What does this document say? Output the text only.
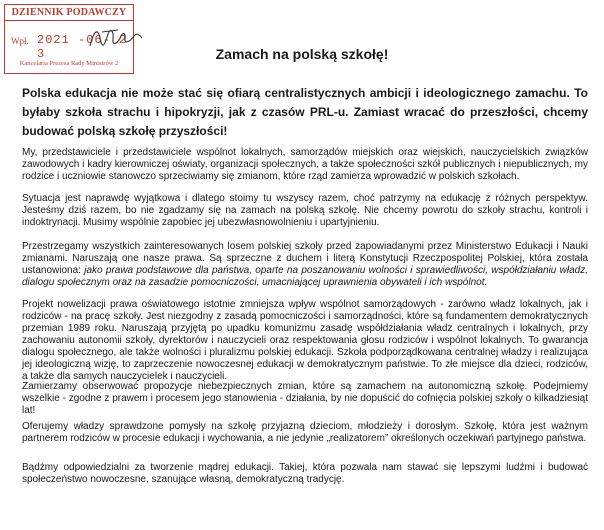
DZIENNIK PODAWCZY
Wpł. 2021 -06- 2 3
Kancelaria Prezesa Rady Ministrów 2
Zamach na polską szkołę!
Polska edukacja nie może stać się ofiarą centralistycznych ambicji i ideologicznego zamachu. To byłaby szkoła strachu i hipokryzji, jak z czasów PRL-u. Zamiast wracać do przeszłości, chcemy budować polską szkołę przyszłości!

My, przedstawiciele i przedstawiciele wspólnot lokalnych, samorządów miejskich oraz wiejskich, nauczycielskich związków zawodowych i kadry kierowniczej oświaty, organizacji społecznych, a także społeczności szkół publicznych i niepublicznych, my rodzice i uczniowie stanowczo sprzeciwiamy się zmianom, które rząd zamierza wprowadzić w polskich szkołach.

Sytuacja jest naprawdę wyjątkowa i dlatego stoimy tu wszyscy razem, choć patrzymy na edukację z różnych perspektyw. Jesteśmy dziś razem, bo nie zgadzamy się na zamach na polską szkołę. Nie chcemy powrotu do szkoły strachu, kontroli i indoktrynacji. Musimy wspólnie zapobiec jej ubezwłasnowolnieniu i upartyjnieniu.

Przestrzegamy wszystkich zainteresowanych losem polskiej szkoły przed zapowiadanymi przez Ministerstwo Edukacji i Nauki zmianami. Naruszają one nasze prawa. Są sprzeczne z duchem i literą Konstytucji Rzeczpospolitej Polskiej, która została ustanowiona: jako prawa podstawowe dla państwa, oparte na poszanowaniu wolności i sprawiedliwości, współdziałaniu władz, dialogu społecznym oraz na zasadzie pomocniczości, umacniającej uprawnienia obywateli i ich wspólnot.

Projekt nowelizacji prawa oświatowego istotnie zmniejsza wpływ wspólnot samorządowych - zarówno władz lokalnych, jak i rodziców - na pracę szkoły. Jest niezgodny z zasadą pomocniczości i samorządności, które są fundamentem demokratycznych przemian 1989 roku. Naruszają przyjętą po upadku komunizmu zasadę współdziałania władz centralnych i lokalnych, przy zachowaniu autonomii szkoły, dyrektorów i nauczycieli oraz respektowania głosu rodziców i wspólnot lokalnych. To gwarancja dialogu społecznego, ale także wolności i pluralizmu polskiej edukacji. Szkoła podporządkowana centralnej władzy i realizująca jej ideologiczną wizję, to zaprzeczenie nowoczesnej edukacji w demokratycznym państwie. To złe miejsce dla dzieci, rodziców, a także dla samych nauczycielek i nauczycieli.

Zamierzamy obserwować propozycje niebezpiecznych zmian, które są zamachem na autonomiczną szkołę. Podejmiemy wszelkie - zgodne z prawem i procesem jego stanowienia - działania, by nie dopuścić do cofnięcia polskiej szkoły o kilkadziesiąt lat!

Oferujemy władzy sprawdzone pomysły na szkołę przyjazną dzieciom, młodzieży i dorosłym. Szkołę, która jest ważnym partnerem rodziców w procesie edukacji i wychowania, a nie jedynie „realizatorem” określonych oczekiwań partyjnego państwa.

Bądźmy odpowiedzialni za tworzenie mądrej edukacji. Takiej, która pozwala nam stawać się lepszymi ludźmi i budować społeczeństwo nowoczesne, szanujące własną, demokratyczną tradycję.
